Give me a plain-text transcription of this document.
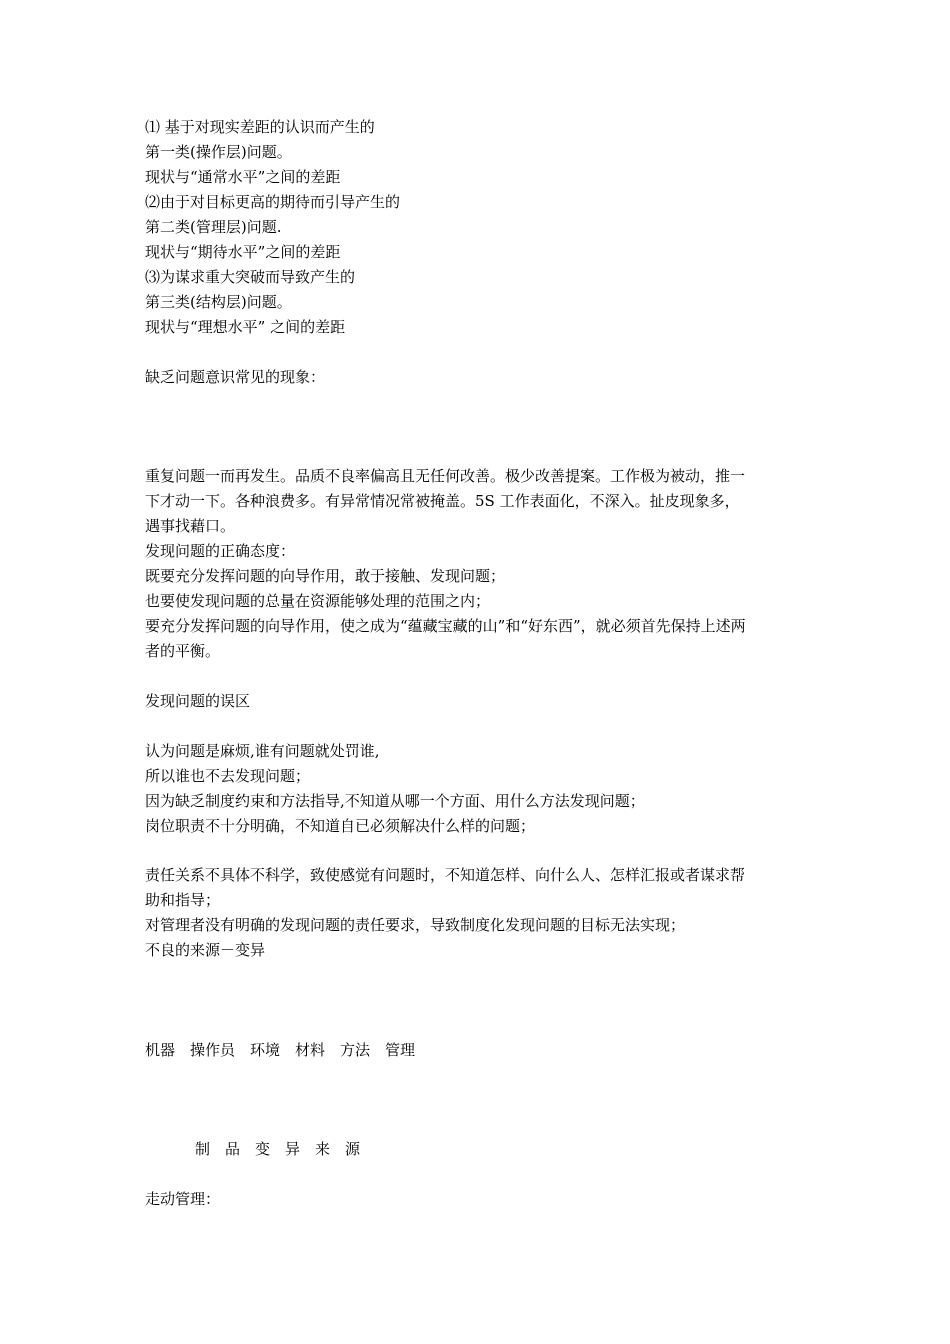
⑴ 基于对现实差距的认识而产生的
第一类(操作层)问题。
现状与“通常水平”之间的差距
⑵由于对目标更高的期待而引导产生的
第二类(管理层)问题.
现状与“期待水平”之间的差距
⑶为谋求重大突破而导致产生的
第三类(结构层)问题。
现状与“理想水平” 之间的差距
缺乏问题意识常见的现象：
重复问题一而再发生。品质不良率偏高且无任何改善。极少改善提案。工作极为被动，推一
下才动一下。各种浪费多。有异常情况常被掩盖。5S 工作表面化，不深入。扯皮现象多，
遇事找藉口。
发现问题的正确态度：
既要充分发挥问题的向导作用，敢于接触、发现问题；
也要使发现问题的总量在资源能够处理的范围之内；
要充分发挥问题的向导作用，使之成为“蕴藏宝藏的山”和“好东西”，就必须首先保持上述两
者的平衡。
发现问题的误区
认为问题是麻烦,谁有问题就处罚谁,
所以谁也不去发现问题；
因为缺乏制度约束和方法指导,不知道从哪一个方面、用什么方法发现问题；
岗位职责不十分明确，不知道自已必须解决什么样的问题；
责任关系不具体不科学，致使感觉有问题时，不知道怎样、向什么人、怎样汇报或者谋求帮
助和指导；
对管理者没有明确的发现问题的责任要求，导致制度化发现问题的目标无法实现；
不良的来源－变异
机器　操作员　环境　材料　方法　管理
制　品　变　异　来　源
走动管理：
